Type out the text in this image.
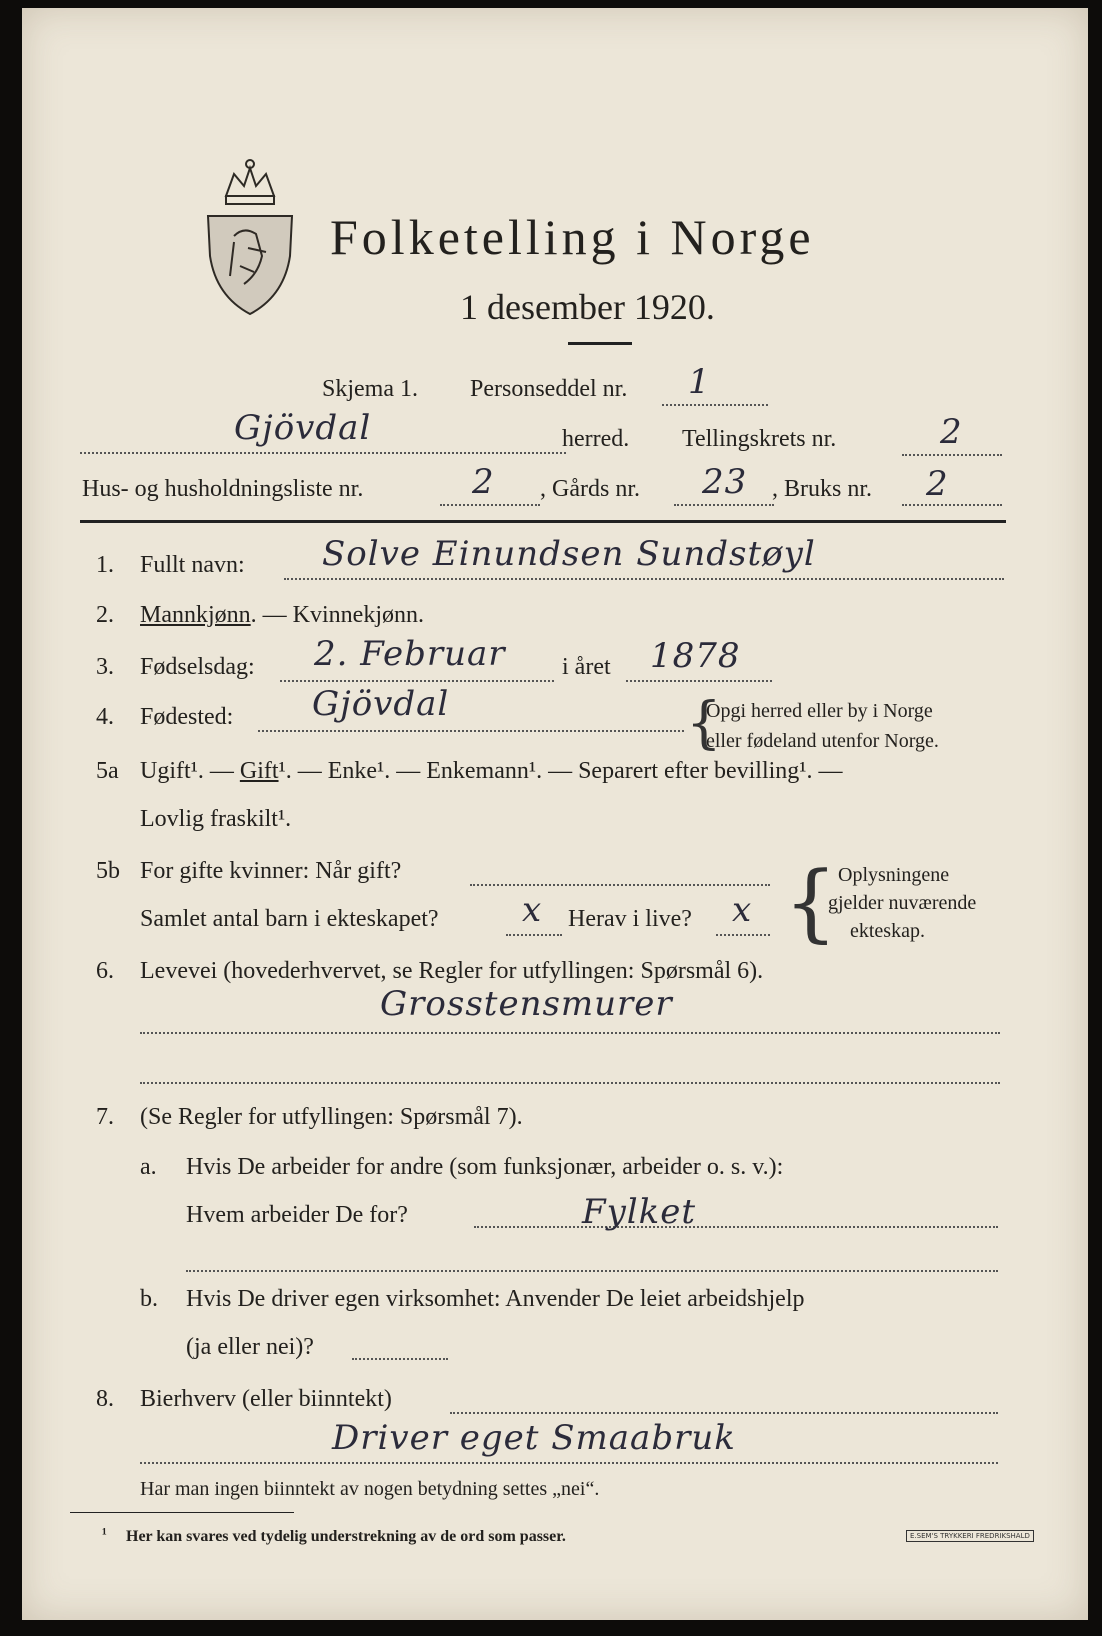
Folketelling i Norge
1 desember 1920.
Skjema 1. Personseddel nr. 1
Gjövdal	herred. Tellingskrets nr.	2
Hus- og husholdningsliste nr.	2 , Gårds nr. 23 , Bruks nr. 2
1. Fullt navn: Solve Einundsen Sundstøyl
2. Mannkjønn. — Kvinnekjønn.
3. Fødselsdag: 2. Februar i året 1878
4. Fødested: Gjövdal	{
Opgi herred eller by i Norge
eller fødeland utenfor Norge.
5a Ugift¹. — Gift¹. — Enke¹. — Enkemann¹. — Separert efter bevilling¹. —
Lovlig fraskilt¹.
5b For gifte kvinner: Når gift?
Samlet antal barn i ekteskapet? x Herav i live? x { Oplysningene
gjelder nuværende
ekteskap.
6. Levevei (hovederhvervet, se Regler for utfyllingen: Spørsmål 6).
Grosstensmurer
7. (Se Regler for utfyllingen: Spørsmål 7).
a. Hvis De arbeider for andre (som funksjonær, arbeider o. s. v.):
Hvem arbeider De for?	Fylket
b. Hvis De driver egen virksomhet: Anvender De leiet arbeidshjelp
(ja eller nei)?
8. Bierhverv (eller biinntekt)
Driver eget Smaabruk
Har man ingen biinntekt av nogen betydning settes „nei“.
¹ Her kan svares ved tydelig understrekning av de ord som passer.	E.SEM'S TRYKKERI FREDRIKSHALD
